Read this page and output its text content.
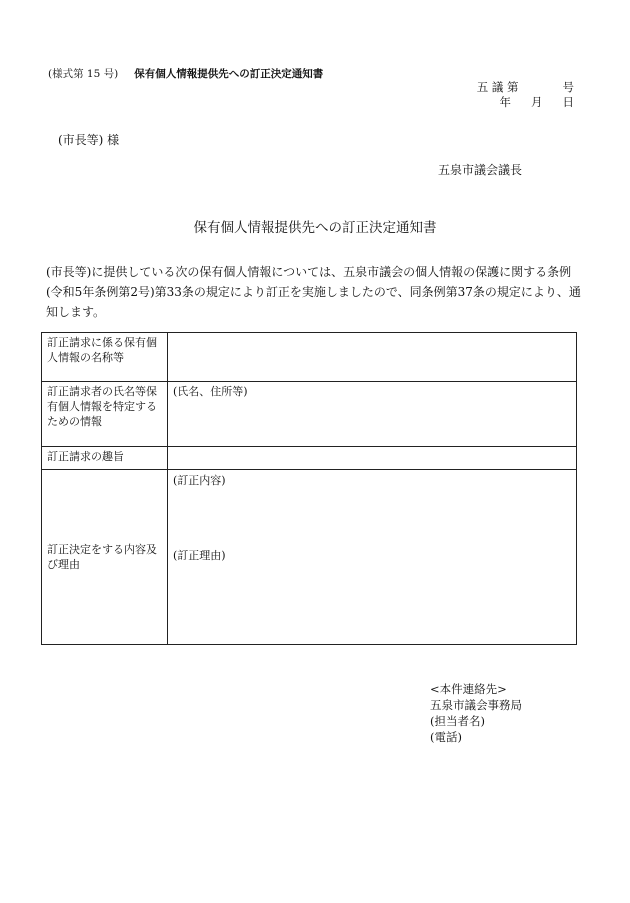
(様式第 15 号) 保有個人情報提供先への訂正決定通知書
五 議 第	号
年 月 日
(市長等) 様
五泉市議会議長
保有個人情報提供先への訂正決定通知書
(市長等)に提供している次の保有個人情報については、五泉市議会の個人情報の保護に関する条例(令和5年条例第2号)第33条の規定により訂正を実施しましたので、同条例第37条の規定により、通知します。
訂正請求に係る保有個人情報の名称等	
訂正請求者の氏名等保有個人情報を特定するための情報	(氏名、住所等)
訂正請求の趣旨	
訂正決定をする内容及び理由	(訂正内容)
(訂正理由)
<本件連絡先>
五泉市議会事務局
(担当者名)
(電話)
